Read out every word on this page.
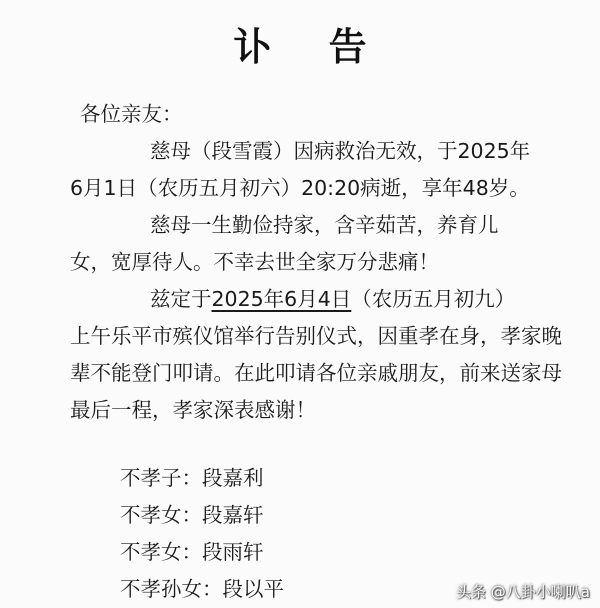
讣 告
各位亲友：
慈母（段雪霞）因病救治无效，于2025年
6月1日（农历五月初六）20:20病逝，享年48岁。
慈母一生勤俭持家，含辛茹苦，养育儿
女，宽厚待人。不幸去世全家万分悲痛！
兹定于2025年6月4日（农历五月初九）
上午乐平市殡仪馆举行告别仪式，因重孝在身，孝家晚
辈不能登门叩请。在此叩请各位亲戚朋友，前来送家母
最后一程，孝家深表感谢！
不孝子：段嘉利
不孝女：段嘉轩
不孝女：段雨轩
不孝孙女：段以平	头条 @八卦小喇叭a
